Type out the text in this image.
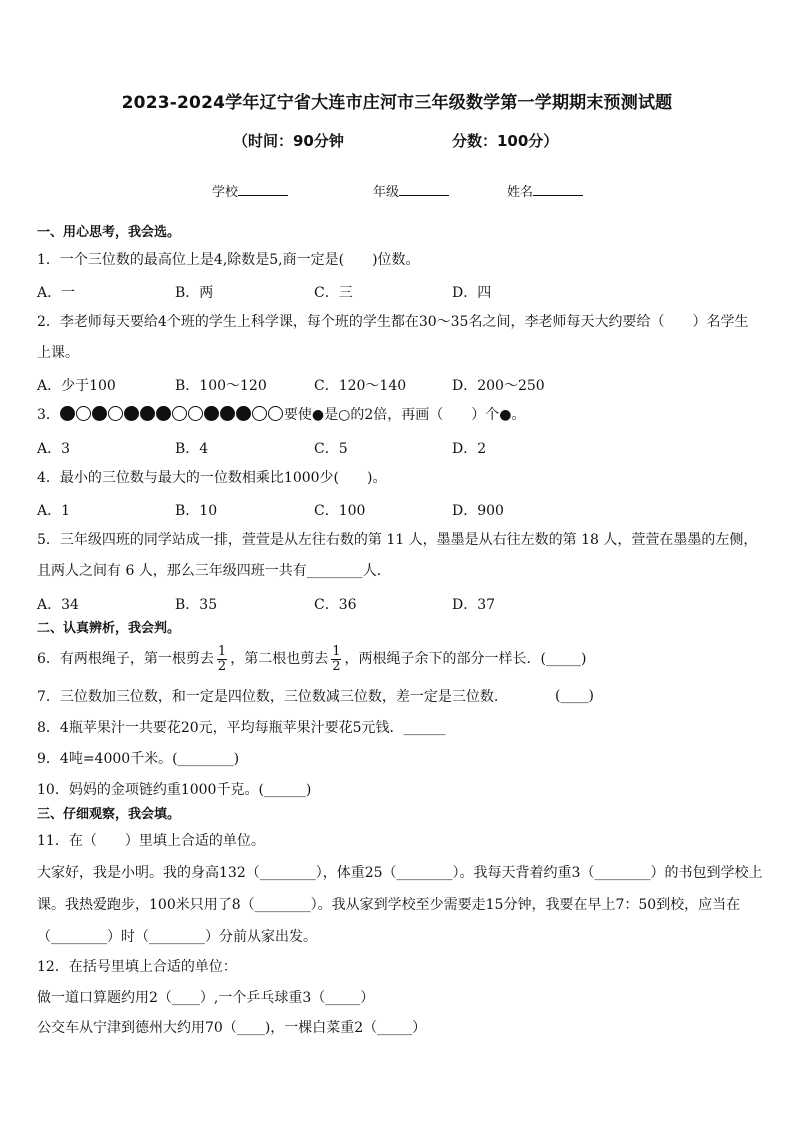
2023-2024学年辽宁省大连市庄河市三年级数学第一学期期末预测试题
（时间：90分钟	分数：100分）
学校	年级	姓名
一、用心思考，我会选。
1．一个三位数的最高位上是4,除数是5,商一定是(　　)位数。
A．一	B．两	C．三	D．四
2．李老师每天要给4个班的学生上科学课，每个班的学生都在30～35名之间，李老师每天大约要给（　　）名学生
上课。
A．少于100	B．100～120	C．120～140	D．200～250
3．	要使●是○的2倍，再画（　　）个●。
A．3	B．4	C．5	D．2
4．最小的三位数与最大的一位数相乘比1000少(　　)。
A．1	B．10	C．100	D．900
5．三年级四班的同学站成一排，萱萱是从左往右数的第 11 人，墨墨是从右往左数的第 18 人，萱萱在墨墨的左侧，
且两人之间有 6 人，那么三年级四班一共有________人．
A．34	B．35	C．36	D．37
二、认真辨析，我会判。
6．有两根绳子，第一根剪去 $\frac{1}{2}$ ，第二根也剪去 $\frac{1}{2}$ ，两根绳子余下的部分一样长．(_____)
7．三位数加三位数，和一定是四位数，三位数减三位数，差一定是三位数.	(____)
8．4瓶苹果汁一共要花20元，平均每瓶苹果汁要花5元钱．______
9．4吨=4000千米。(________)
10．妈妈的金项链约重1000千克。(______)
三、仔细观察，我会填。
11．在（　　）里填上合适的单位。
大家好，我是小明。我的身高132（________），体重25（________）。我每天背着约重3（________）的书包到学校上
课。我热爱跑步，100米只用了8（________）。我从家到学校至少需要走15分钟，我要在早上7：50到校，应当在
（________）时（________）分前从家出发。
12．在括号里填上合适的单位：
做一道口算题约用2（____）,一个乒乓球重3（_____）
公交车从宁津到德州大约用70（____)，一棵白菜重2（_____）
